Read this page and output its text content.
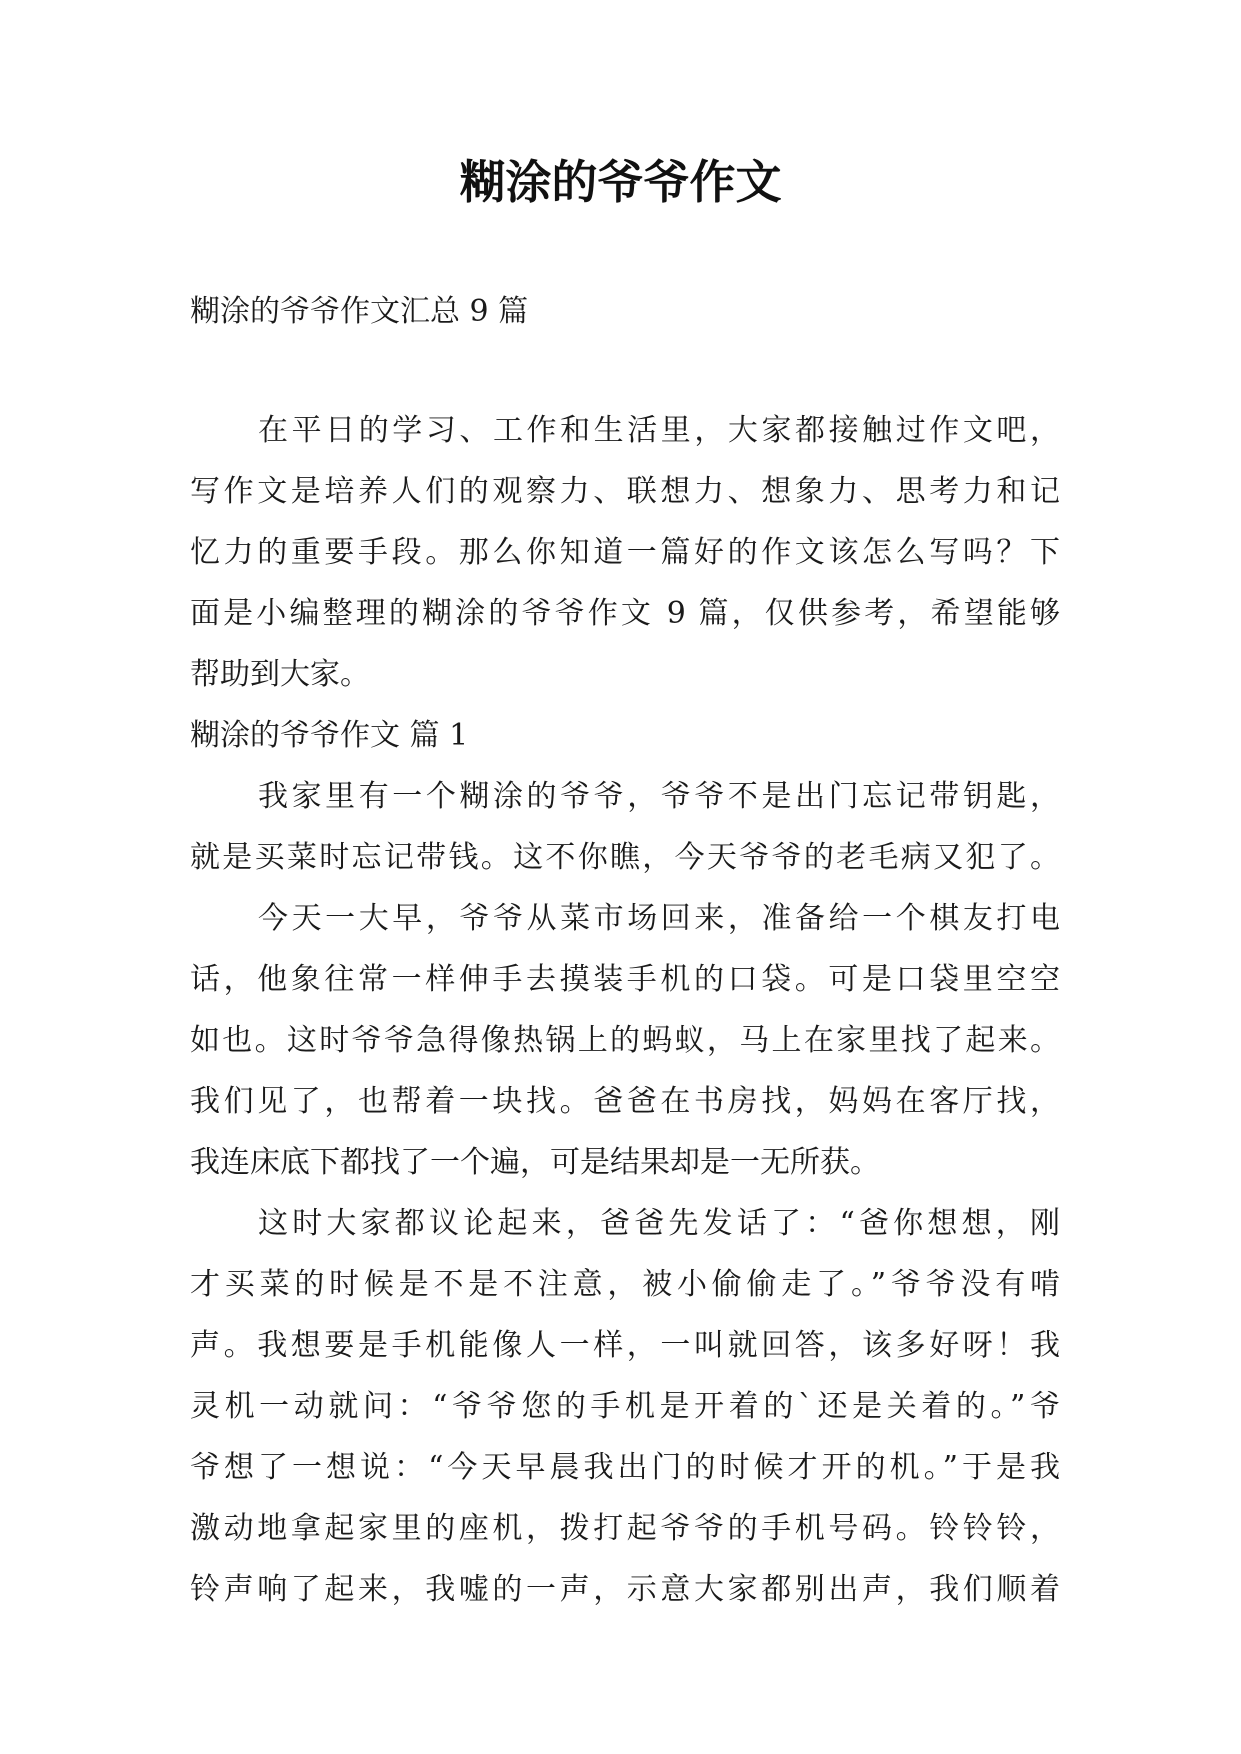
糊涂的爷爷作文
糊涂的爷爷作文汇总 9 篇
在平日的学习、工作和生活里，大家都接触过作文吧，
写作文是培养人们的观察力、联想力、想象力、思考力和记
忆力的重要手段。那么你知道一篇好的作文该怎么写吗？下
面是小编整理的糊涂的爷爷作文 9 篇，仅供参考，希望能够
帮助到大家。
糊涂的爷爷作文 篇 1
我家里有一个糊涂的爷爷，爷爷不是出门忘记带钥匙，
就是买菜时忘记带钱。这不你瞧，今天爷爷的老毛病又犯了。
今天一大早，爷爷从菜市场回来，准备给一个棋友打电
话，他象往常一样伸手去摸装手机的口袋。可是口袋里空空
如也。这时爷爷急得像热锅上的蚂蚁，马上在家里找了起来。
我们见了，也帮着一块找。爸爸在书房找，妈妈在客厅找，
我连床底下都找了一个遍，可是结果却是一无所获。
这时大家都议论起来，爸爸先发话了：“爸你想想，刚
才买菜的时候是不是不注意，被小偷偷走了。”爷爷没有啃
声。我想要是手机能像人一样，一叫就回答，该多好呀！我
灵机一动就问：“爷爷您的手机是开着的`还是关着的。”爷
爷想了一想说：“今天早晨我出门的时候才开的机。”于是我
激动地拿起家里的座机，拨打起爷爷的手机号码。铃铃铃，
铃声响了起来，我嘘的一声，示意大家都别出声，我们顺着
